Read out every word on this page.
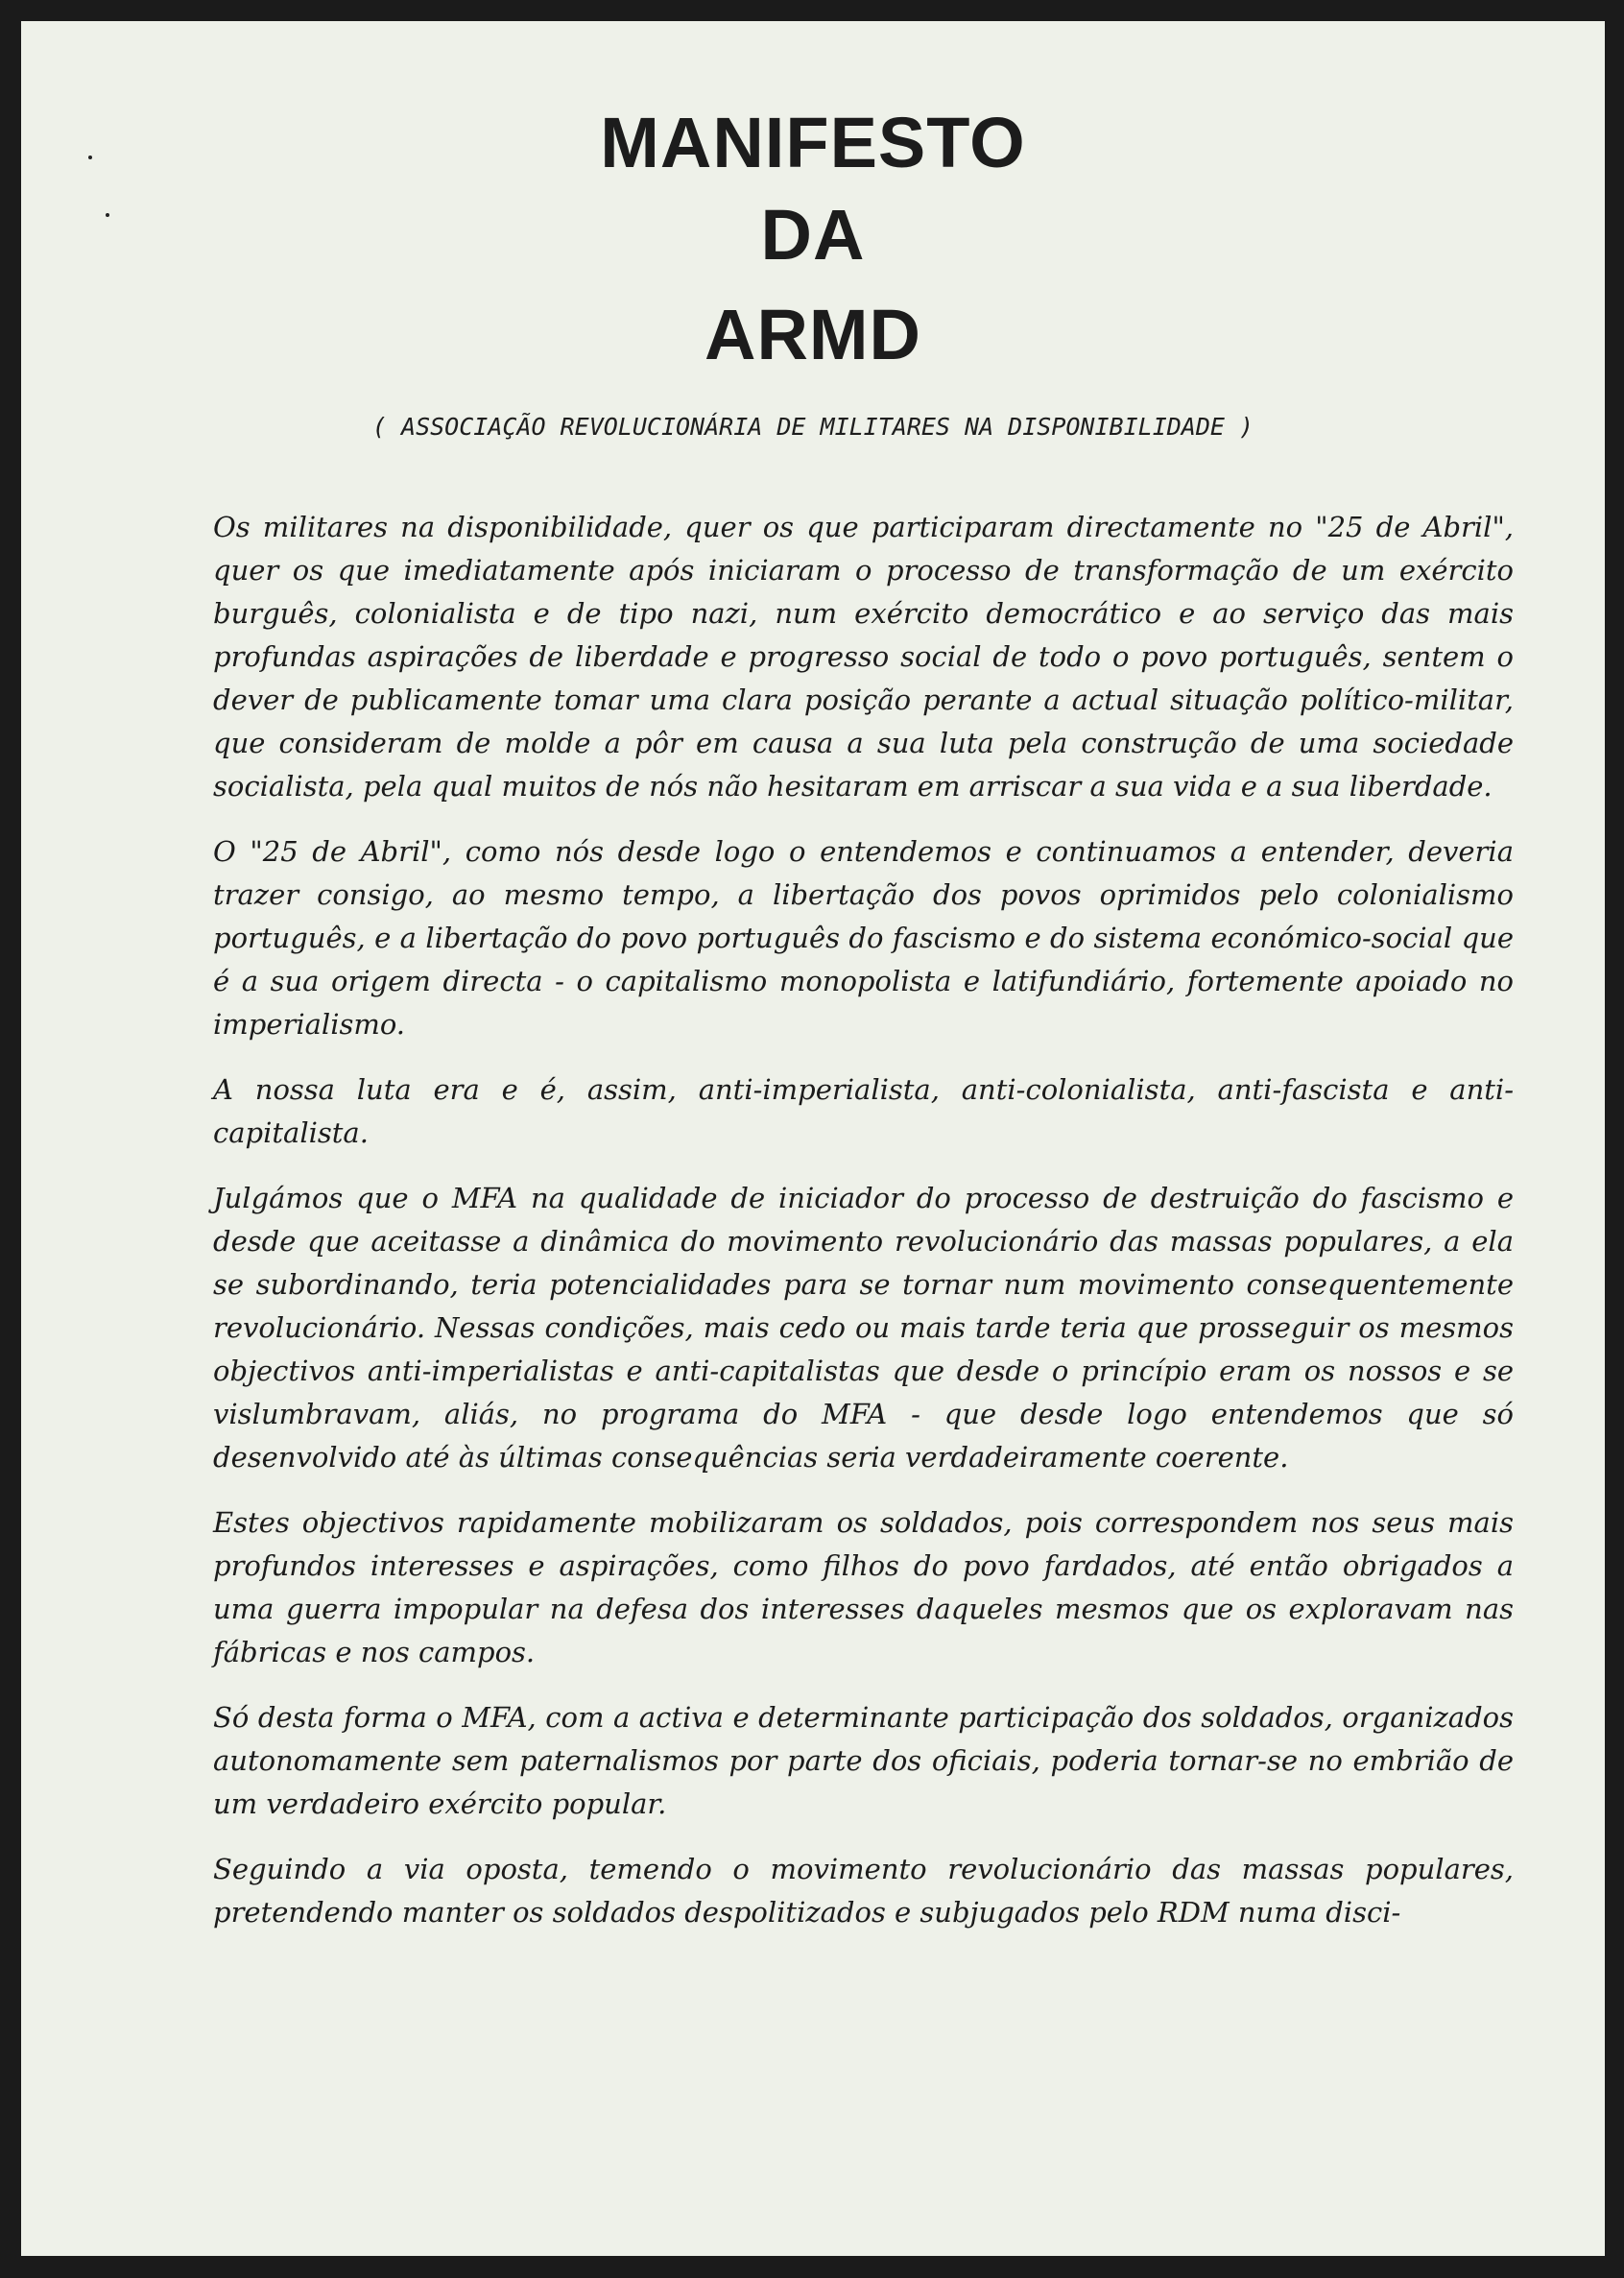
MANIFESTO
DA
ARMD
( ASSOCIAÇÃO REVOLUCIONÁRIA DE MILITARES NA DISPONIBILIDADE )

Os militares na disponibilidade, quer os que participaram directamente no "25 de Abril", quer os que imediatamente após iniciaram o processo de transformação de um exército burguês, colonialista e de tipo nazi, num exército democrático e ao serviço das mais profundas aspirações de liberdade e progresso social de todo o povo português, sentem o dever de publicamente tomar uma clara posição perante a actual situação político-militar, que consideram de molde a pôr em causa a sua luta pela construção de uma sociedade socialista, pela qual muitos de nós não hesitaram em arriscar a sua vida e a sua liberdade.

O "25 de Abril", como nós desde logo o entendemos e continuamos a entender, deveria trazer consigo, ao mesmo tempo, a libertação dos povos oprimidos pelo colonialismo português, e a libertação do povo português do fascismo e do sistema económico-social que é a sua origem directa - o capitalismo monopolista e latifundiário, fortemente apoiado no imperialismo.

A nossa luta era e é, assim, anti-imperialista, anti-colonialista, anti-fascista e anti-capitalista.

Julgámos que o MFA na qualidade de iniciador do processo de destruição do fascismo e desde que aceitasse a dinâmica do movimento revolucionário das massas populares, a ela se subordinando, teria potencialidades para se tornar num movimento consequentemente revolucionário. Nessas condições, mais cedo ou mais tarde teria que prosseguir os mesmos objectivos anti-imperialistas e anti-capitalistas que desde o princípio eram os nossos e se vislumbravam, aliás, no programa do MFA - que desde logo entendemos que só desenvolvido até às últimas consequências seria verdadeiramente coerente.

Estes objectivos rapidamente mobilizaram os soldados, pois correspondem nos seus mais profundos interesses e aspirações, como filhos do povo fardados, até então obrigados a uma guerra impopular na defesa dos interesses daqueles mesmos que os exploravam nas fábricas e nos campos.

Só desta forma o MFA, com a activa e determinante participação dos soldados, organizados autonomamente sem paternalismos por parte dos oficiais, poderia tornar-se no embrião de um verdadeiro exército popular.

Seguindo a via oposta, temendo o movimento revolucionário das massas populares, pretendendo manter os soldados despolitizados e subjugados pelo RDM numa disci-
